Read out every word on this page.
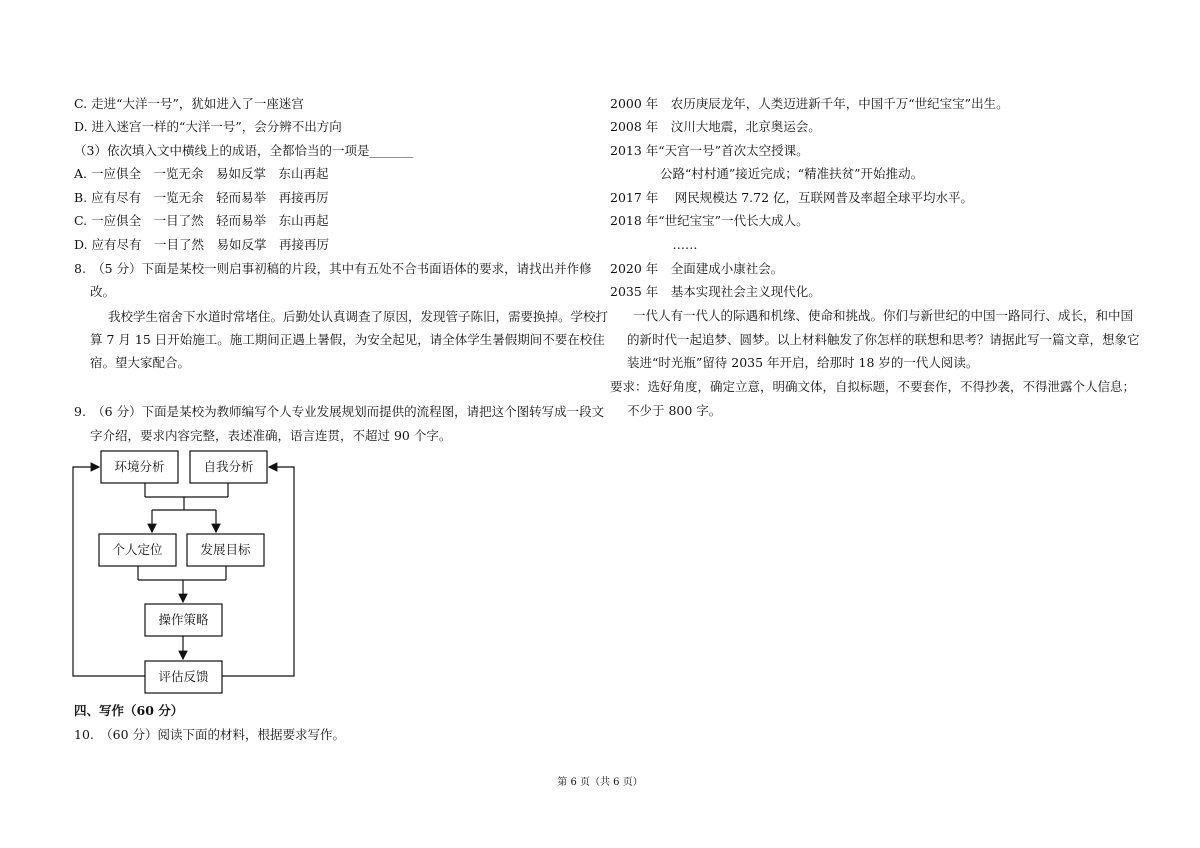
C. 走进“大洋一号”，犹如进入了一座迷宫
D. 进入迷宫一样的“大洋一号”，会分辨不出方向
（3）依次填入文中横线上的成语，全都恰当的一项是_______
A. 一应俱全　一览无余　易如反掌　东山再起
B. 应有尽有　一览无余　轻而易举　再接再厉
C. 一应俱全　一目了然　轻而易举　东山再起
D. 应有尽有　一目了然　易如反掌　再接再厉
8.　（5 分）下面是某校一则启事初稿的片段，其中有五处不合书面语体的要求，请找出并作修
改。
我校学生宿舍下水道时常堵住。后勤处认真调查了原因，发现管子陈旧，需要换掉。学校打
算 7 月 15 日开始施工。施工期间正遇上暑假，为安全起见，请全体学生暑假期间不要在校住
宿。望大家配合。
9.　（6 分）下面是某校为教师编写个人专业发展规划而提供的流程图，请把这个图转写成一段文
字介绍，要求内容完整，表述准确，语言连贯，不超过 90 个字。
环境分析	自我分析
个人定位	发展目标
操作策略
评估反馈
四、写作（60 分）
10.　（60 分）阅读下面的材料，根据要求写作。
2000 年　农历庚辰龙年，人类迈进新千年，中国千万“世纪宝宝”出生。
2008 年　汶川大地震，北京奥运会。
2013 年“天宫一号”首次太空授课。
　　　　公路“村村通”接近完成；“精准扶贫”开始推动。
2017 年　 网民规模达 7.72 亿，互联网普及率超全球平均水平。
2018 年“世纪宝宝”一代长大成人。
　　　　　……
2020 年　全面建成小康社会。
2035 年　基本实现社会主义现代化。
一代人有一代人的际遇和机缘、使命和挑战。你们与新世纪的中国一路同行、成长，和中国
的新时代一起追梦、圆梦。以上材料触发了你怎样的联想和思考？请据此写一篇文章，想象它
装进“时光瓶”留待 2035 年开启，给那时 18 岁的一代人阅读。
要求：选好角度，确定立意，明确文体，自拟标题，不要套作，不得抄袭，不得泄露个人信息；
不少于 800 字。
第 6 页（共 6 页）
